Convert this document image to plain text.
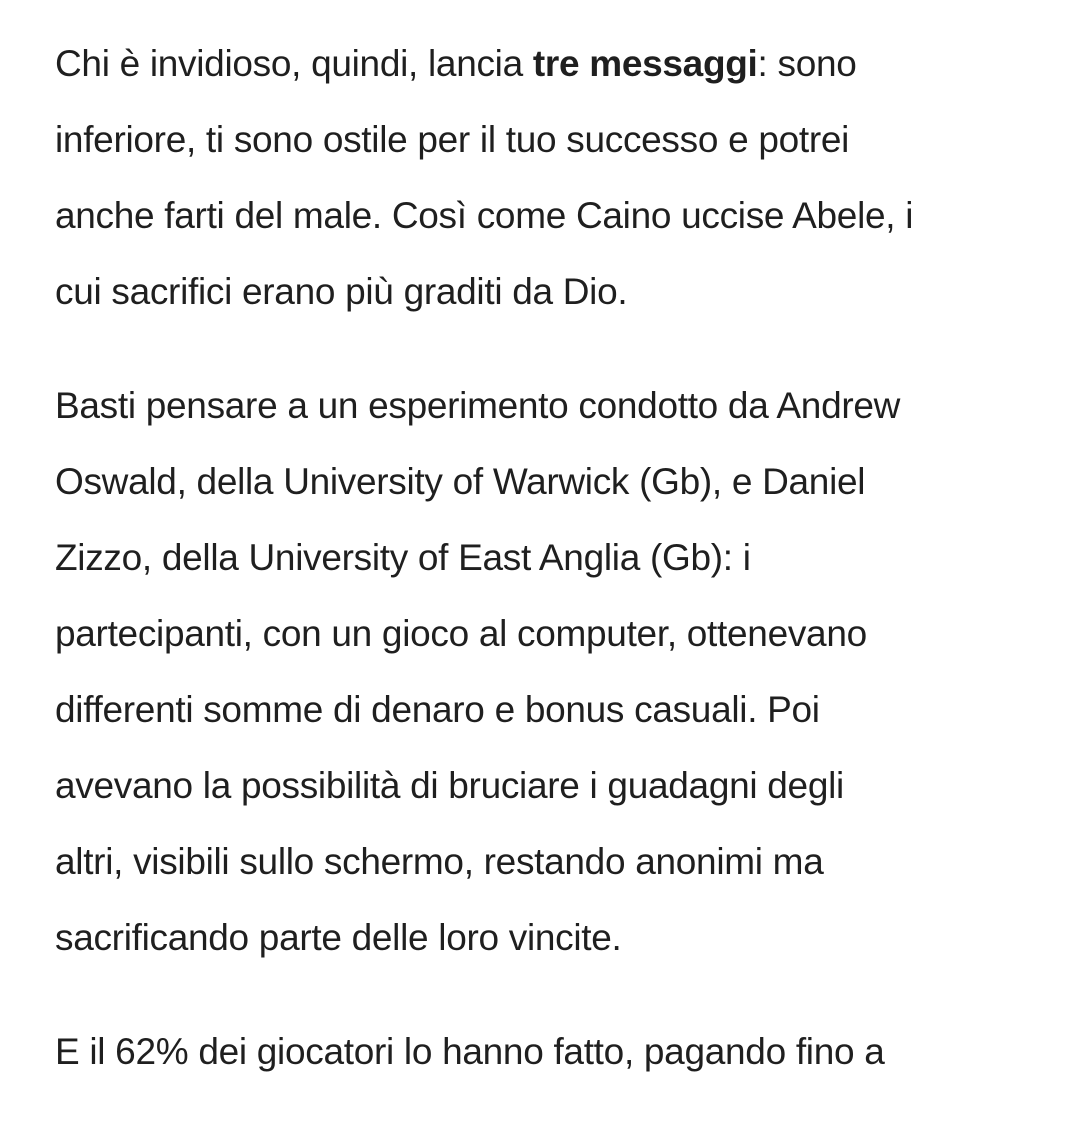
Chi è invidioso, quindi, lancia tre messaggi: sono
inferiore, ti sono ostile per il tuo successo e potrei
anche farti del male. Così come Caino uccise Abele, i
cui sacrifici erano più graditi da Dio.

Basti pensare a un esperimento condotto da Andrew
Oswald, della University of Warwick (Gb), e Daniel
Zizzo, della University of East Anglia (Gb): i
partecipanti, con un gioco al computer, ottenevano
differenti somme di denaro e bonus casuali. Poi
avevano la possibilità di bruciare i guadagni degli
altri, visibili sullo schermo, restando anonimi ma
sacrificando parte delle loro vincite.

E il 62% dei giocatori lo hanno fatto, pagando fino a
